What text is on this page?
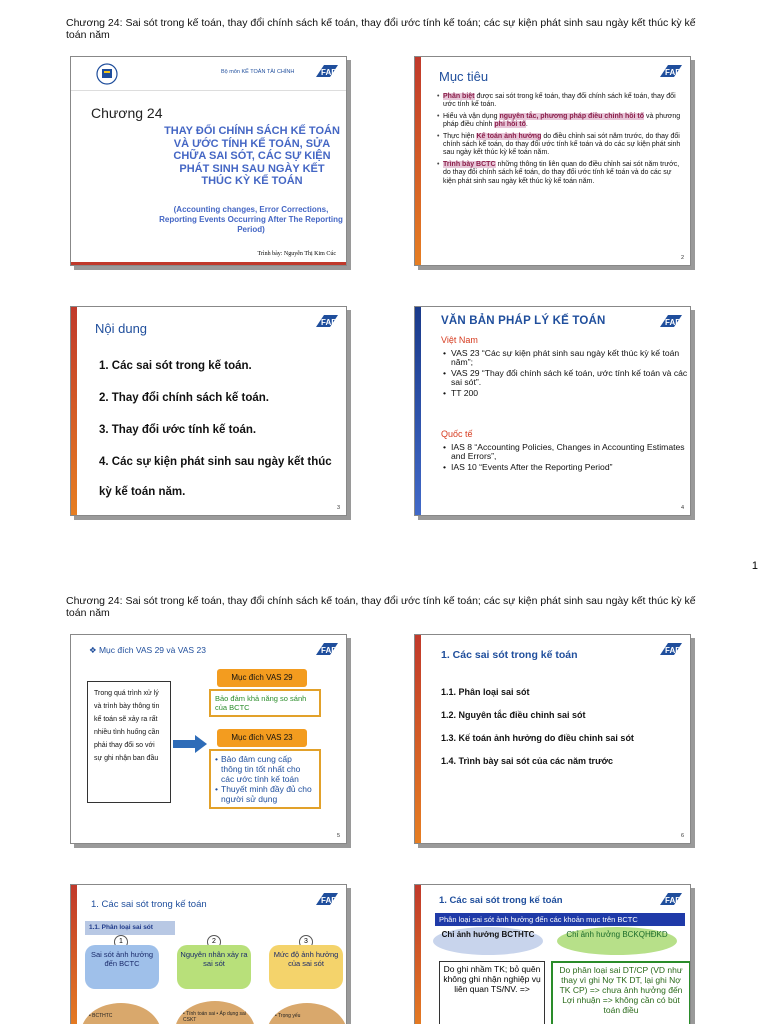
Chương 24: Sai sót trong kế toán, thay đổi chính sách kế toán, thay đổi ước tính kế toán; các sự kiện phát sinh sau ngày kết thúc kỳ kế toán năm
Bộ môn KẾ TOÁN TÀI CHÍNH	FAD
Chương 24
THAY ĐỔI CHÍNH SÁCH KẾ TOÁN VÀ ƯỚC TÍNH KẾ TOÁN, SỬA CHỮA SAI SÓT, CÁC SỰ KIỆN PHÁT SINH SAU NGÀY KẾT THÚC KỲ KẾ TOÁN
(Accounting changes, Error Corrections, Reporting Events Occurring After The Reporting Period)
Trình bày: Nguyễn Thị Kim Cúc
FAD
Mục tiêu
• Phân biệt được sai sót trong kế toán, thay đổi chính sách kế toán, thay đổi ước tính kế toán.
• Hiểu và vận dụng nguyên tắc, phương pháp điều chỉnh hồi tố và phương pháp điều chỉnh phi hồi tố.
• Thực hiện Kế toán ảnh hưởng do điều chỉnh sai sót năm trước, do thay đổi chính sách kế toán, do thay đổi ước tính kế toán và do các sự kiện phát sinh sau ngày kết thúc kỳ kế toán năm.
• Trình bày BCTC những thông tin liên quan do điều chỉnh sai sót năm trước, do thay đổi chính sách kế toán, do thay đổi ước tính kế toán và do các sự kiện phát sinh sau ngày kết thúc kỳ kế toán năm.
2
FAD
Nội dung
1. Các sai sót trong kế toán.
2. Thay đổi chính sách kế toán.
3. Thay đổi ước tính kế toán.
4. Các sự kiện phát sinh sau ngày kết thúc kỳ kế toán năm.
3
FAD
VĂN BẢN PHÁP LÝ KẾ TOÁN
Việt Nam
• VAS 23 “Các sự kiện phát sinh sau ngày kết thúc kỳ kế toán năm”;
• VAS 29 “Thay đổi chính sách kế toán, ước tính kế toán và các sai sót”.
• TT 200
Quốc tế
• IAS 8 “Accounting Policies, Changes in Accounting Estimates and Errors”,
• IAS 10 “Events After the Reporting Period”
4
1
Chương 24: Sai sót trong kế toán, thay đổi chính sách kế toán, thay đổi ước tính kế toán; các sự kiện phát sinh sau ngày kết thúc kỳ kế toán năm
FAD
❖ Mục đích VAS 29 và VAS 23
Trong quá trình xử lý và trình bày thông tin kế toán sẽ xảy ra rất nhiều tình huống cần phải thay đổi so với sự ghi nhận ban đầu
Mục đích VAS 29
Bảo đảm khả năng so sánh của BCTC
Mục đích VAS 23
• Bảo đảm cung cấp thông tin tốt nhất cho các ước tính kế toán
• Thuyết minh đầy đủ cho người sử dụng
5
FAD
1. Các sai sót trong kế toán
1.1. Phân loại sai sót
1.2. Nguyên tắc điều chỉnh sai sót
1.3. Kế toán ảnh hưởng do điều chỉnh sai sót
1.4. Trình bày sai sót của các năm trước
6
FAD
1. Các sai sót trong kế toán
1.1. Phân loại sai sót
1	2	3
Sai sót ảnh hưởng đến BCTC
Nguyên nhân xảy ra sai sót
Mức độ ảnh hưởng của sai sót
• BCTHTC	• Tính toán sai • Áp dụng sai CSKT
• Trọng yếu
FAD
1. Các sai sót trong kế toán
Phân loại sai sót ảnh hưởng đến các khoản mục trên BCTC
Chỉ ảnh hưởng BCTHTC	Chỉ ảnh hưởng BCKQHĐKD
Do ghi nhầm TK; bỏ quên không ghi nhận nghiệp vụ liên quan TS/NV. =>
Do phân loại sai DT/CP (VD như thay vì ghi Nợ TK DT, lại ghi Nợ TK CP) => chưa ảnh hưởng đến Lợi nhuận => không cần có bút toán điều
